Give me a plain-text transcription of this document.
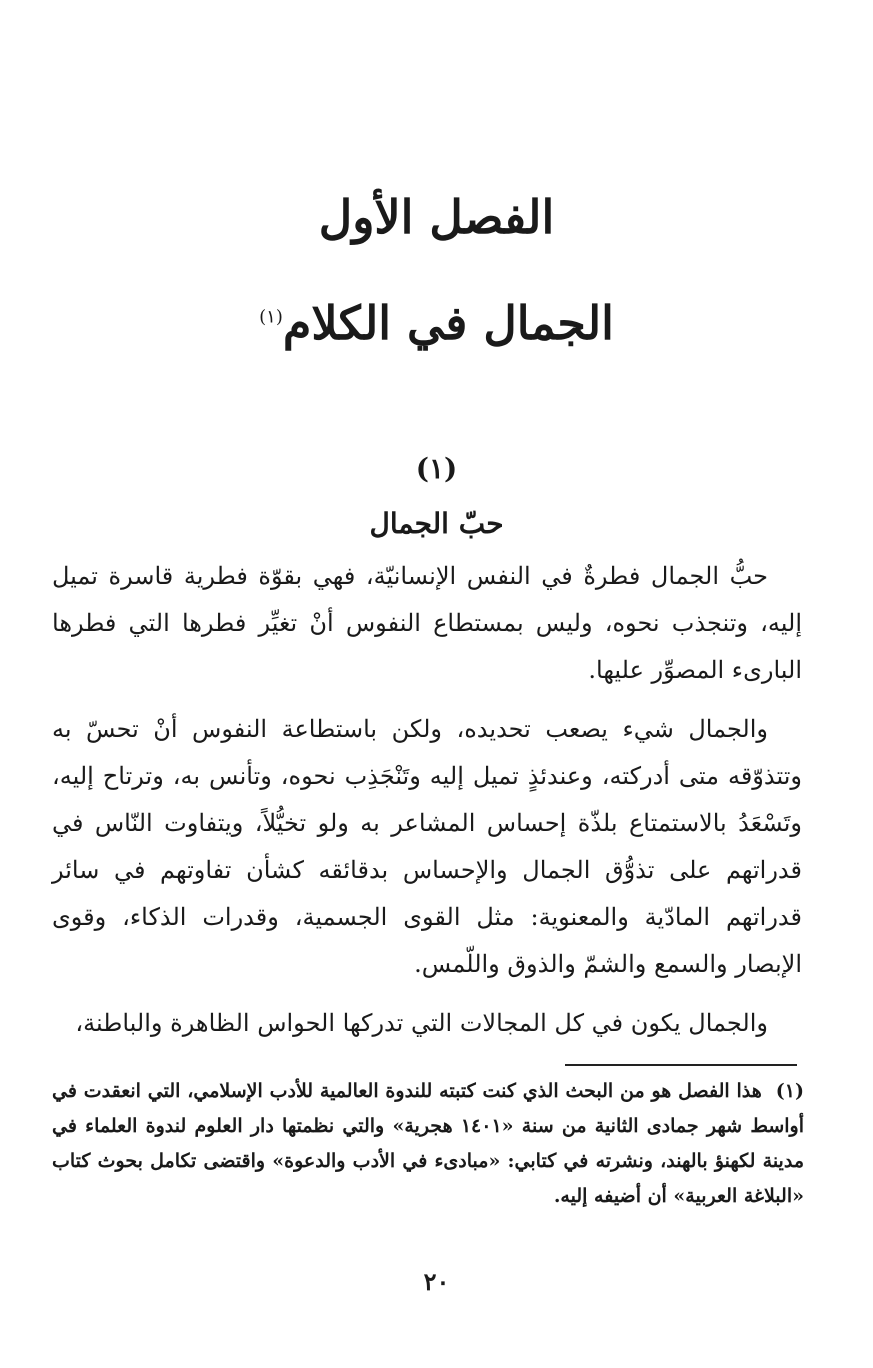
الفصل الأول
الجمال في الكلام$^{(١)}$
(١)
حبّ الجمال

حبُّ الجمال فطرةٌ في النفس الإنسانيّة، فهي بقوّة فطرية قاسرة تميل إليه، وتنجذب نحوه، وليس بمستطاع النفوس أنْ تغيِّر فطرها التي فطرها البارىء المصوِّر عليها.

والجمال شيء يصعب تحديده، ولكن باستطاعة النفوس أنْ تحسّ به وتتذوّقه متى أدركته، وعندئذٍ تميل إليه وتَنْجَذِب نحوه، وتأنس به، وترتاح إليه، وتَسْعَدُ بالاستمتاع بلذّة إحساس المشاعر به ولو تخيُّلاً، ويتفاوت النّاس في قدراتهم على تذوُّق الجمال والإحساس بدقائقه كشأن تفاوتهم في سائر قدراتهم المادّية والمعنوية: مثل القوى الجسمية، وقدرات الذكاء، وقوى الإبصار والسمع والشمّ والذوق واللّمس.

والجمال يكون في كل المجالات التي تدركها الحواس الظاهرة والباطنة،

(١)هذا الفصل هو من البحث الذي كنت كتبته للندوة العالمية للأدب الإسلامي، التي انعقدت في أواسط شهر جمادى الثانية من سنة «١٤٠١ هجرية» والتي نظمتها دار العلوم لندوة العلماء في مدينة لكهنؤ بالهند، ونشرته في كتابي: «مبادىء في الأدب والدعوة» واقتضى تكامل بحوث كتاب «البلاغة العربية» أن أضيفه إليه.
٢٠
